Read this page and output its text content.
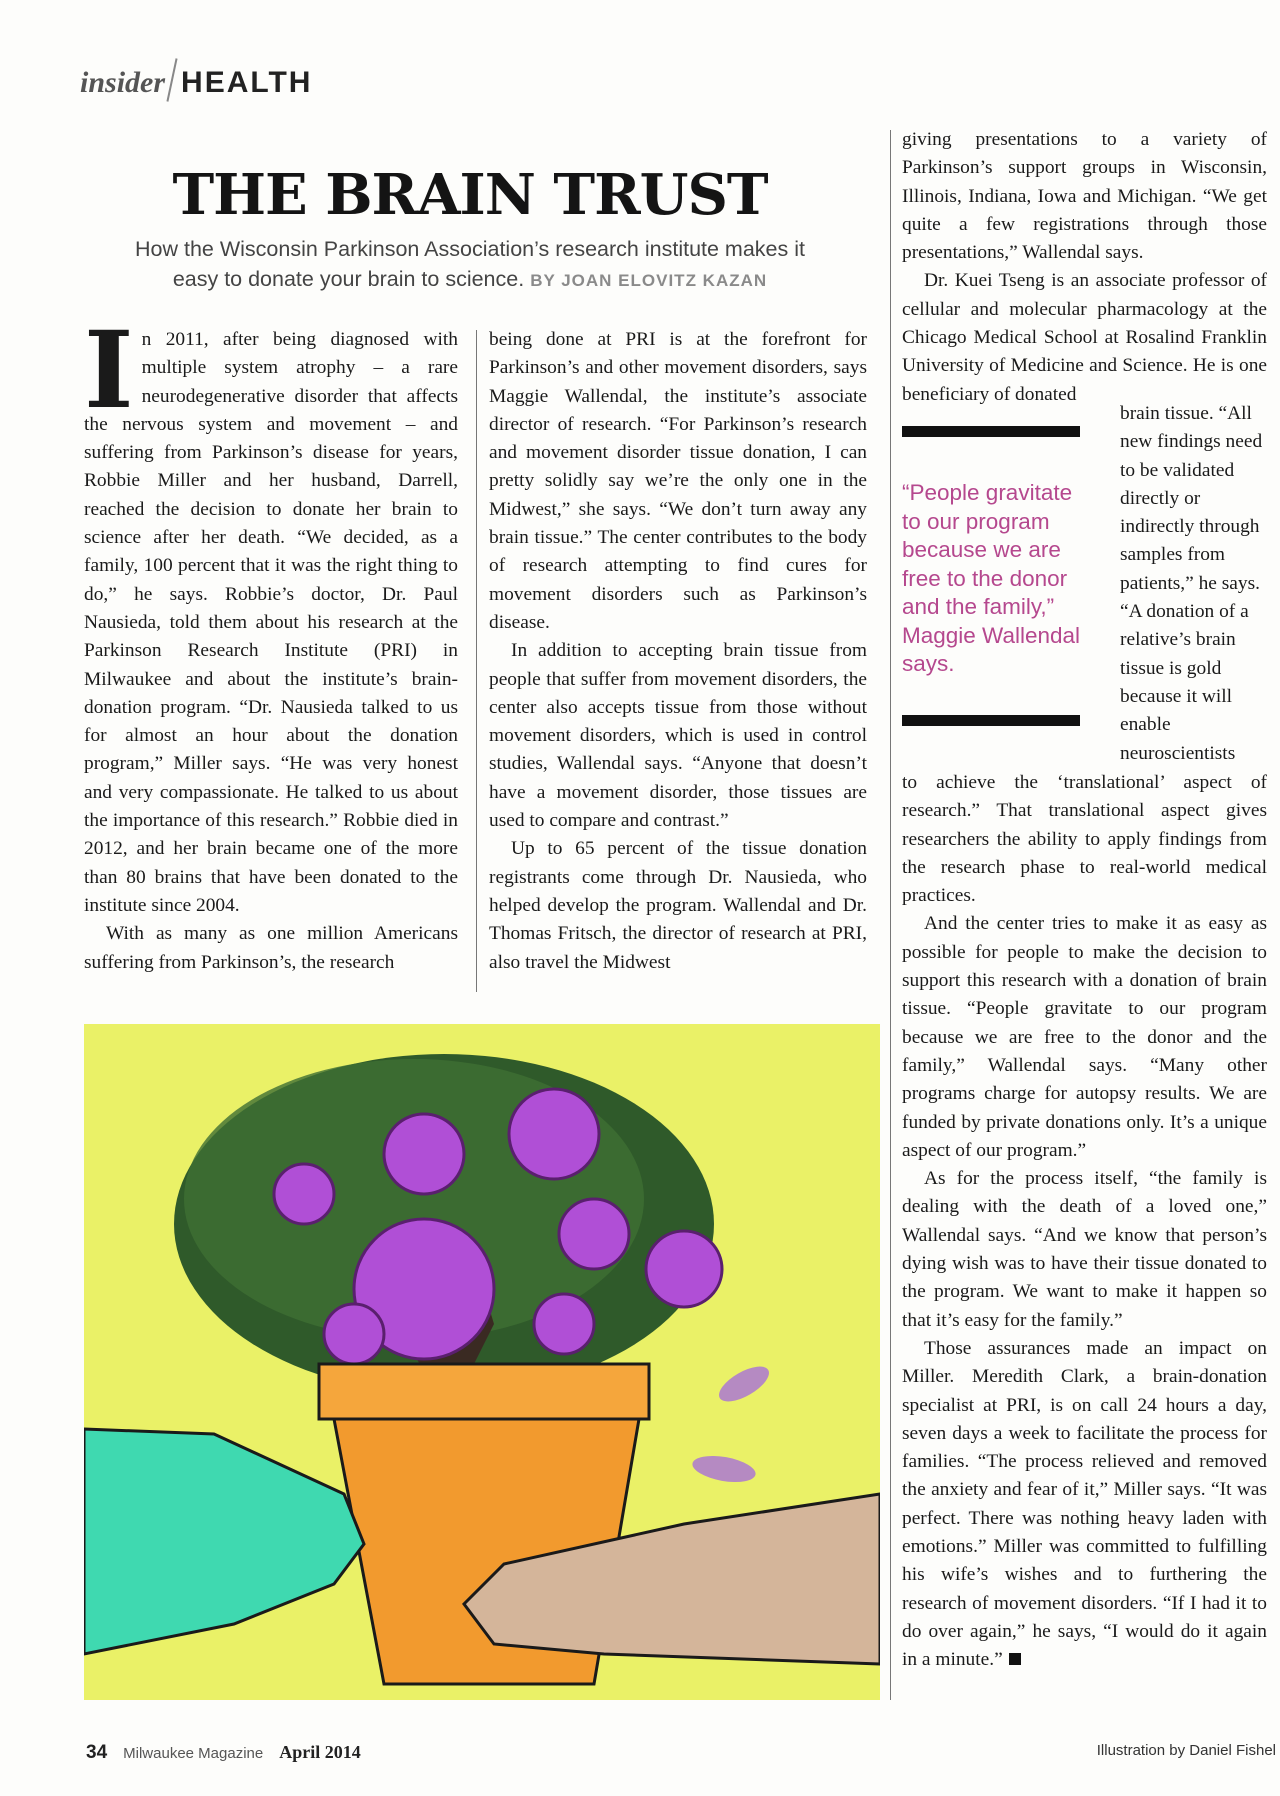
insider HEALTH
THE BRAIN TRUST
How the Wisconsin Parkinson Association’s research institute makes it easy to donate your brain to science. BY JOAN ELOVITZ KAZAN

In 2011, after being diagnosed with multiple system atrophy – a rare neurodegenerative disorder that affects the nervous system and movement – and suffering from Parkinson’s disease for years, Robbie Miller and her husband, Darrell, reached the decision to donate her brain to science after her death. “We decided, as a family, 100 percent that it was the right thing to do,” he says. Robbie’s doctor, Dr. Paul Nausieda, told them about his research at the Parkinson Research Institute (PRI) in Milwaukee and about the institute’s brain-donation program. “Dr. Nausieda talked to us for almost an hour about the donation program,” Miller says. “He was very honest and very compassionate. He talked to us about the importance of this research.” Robbie died in 2012, and her brain became one of the more than 80 brains that have been donated to the institute since 2004.

With as many as one million Americans suffering from Parkinson’s, the research

being done at PRI is at the forefront for Parkinson’s and other movement disorders, says Maggie Wallendal, the institute’s associate director of research. “For Parkinson’s research and movement disorder tissue donation, I can pretty solidly say we’re the only one in the Midwest,” she says. “We don’t turn away any brain tissue.” The center contributes to the body of research attempting to find cures for movement disorders such as Parkinson’s disease.

In addition to accepting brain tissue from people that suffer from movement disorders, the center also accepts tissue from those without movement disorders, which is used in control studies, Wallendal says. “Anyone that doesn’t have a movement disorder, those tissues are used to compare and contrast.”

Up to 65 percent of the tissue donation registrants come through Dr. Nausieda, who helped develop the program. Wallendal and Dr. Thomas Fritsch, the director of research at PRI, also travel the Midwest

giving presentations to a variety of Parkinson’s support groups in Wisconsin, Illinois, Indiana, Iowa and Michigan. “We get quite a few registrations through those presentations,” Wallendal says.

Dr. Kuei Tseng is an associate professor of cellular and molecular pharmacology at the Chicago Medical School at Rosalind Franklin University of Medicine and Science. He is one beneficiary of donated

“People gravitate to our program because we are free to the donor and the family,” Maggie Wallendal says.
brain tissue. “All new findings need to be validated directly or indirectly through samples from patients,” he says. “A donation of a relative’s brain tissue is gold because it will enable neuroscientists

to achieve the ‘translational’ aspect of research.” That translational aspect gives researchers the ability to apply findings from the research phase to real-world medical practices.

And the center tries to make it as easy as possible for people to make the decision to support this research with a donation of brain tissue. “People gravitate to our program because we are free to the donor and the family,” Wallendal says. “Many other programs charge for autopsy results. We are funded by private donations only. It’s a unique aspect of our program.”

As for the process itself, “the family is dealing with the death of a loved one,” Wallendal says. “And we know that person’s dying wish was to have their tissue donated to the program. We want to make it happen so that it’s easy for the family.”

Those assurances made an impact on Miller. Meredith Clark, a brain-donation specialist at PRI, is on call 24 hours a day, seven days a week to facilitate the process for families. “The process relieved and removed the anxiety and fear of it,” Miller says. “It was perfect. There was nothing heavy laden with emotions.” Miller was committed to fulfilling his wife’s wishes and to furthering the research of movement disorders. “If I had it to do over again,” he says, “I would do it again in a minute.”

34 Milwaukee Magazine April 2014	Illustration by Daniel Fishel
